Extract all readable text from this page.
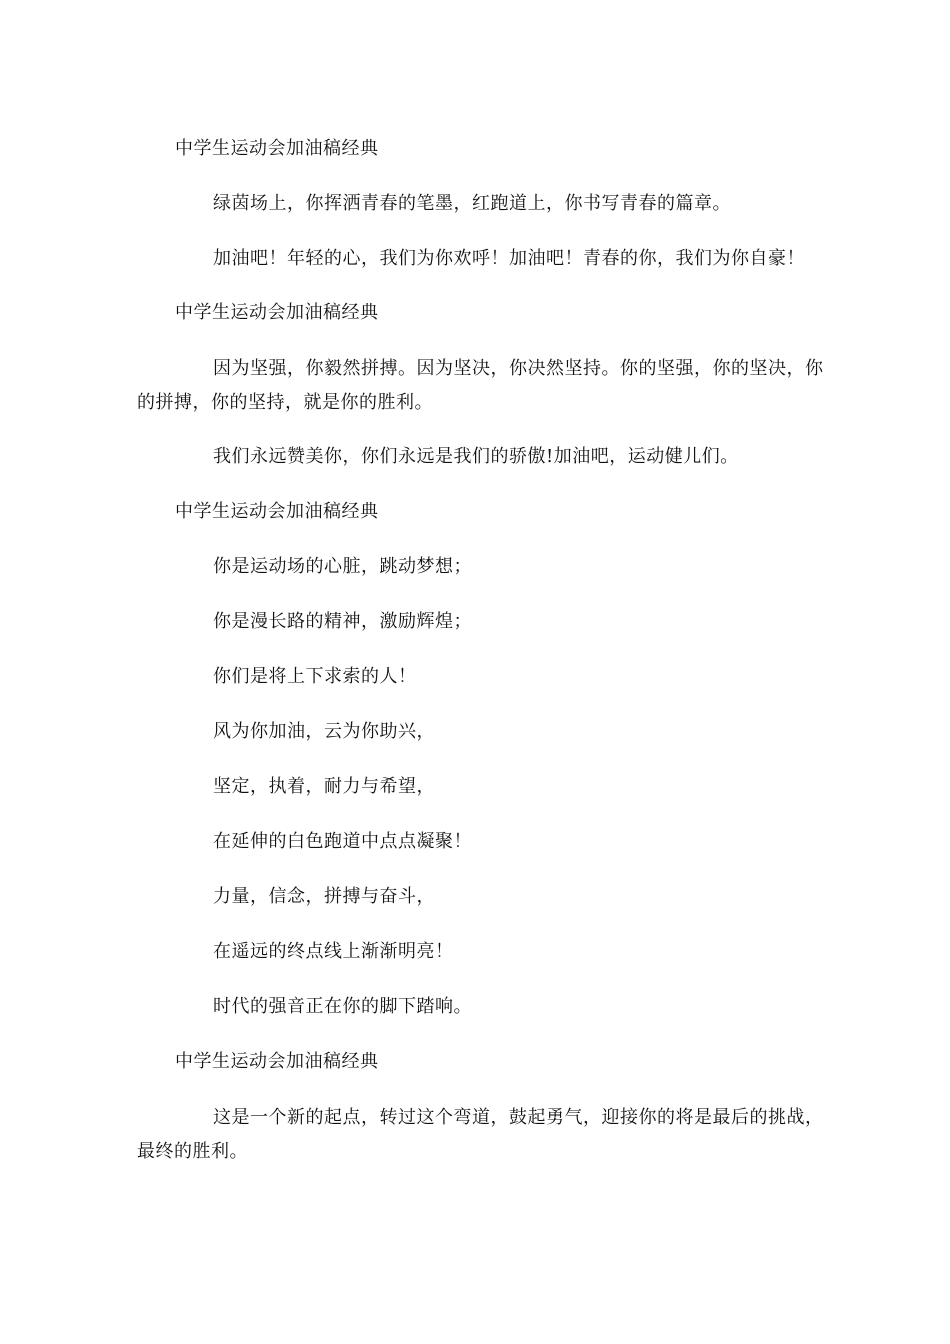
中学生运动会加油稿经典
绿茵场上，你挥洒青春的笔墨，红跑道上，你书写青春的篇章。
加油吧！年轻的心，我们为你欢呼！加油吧！青春的你，我们为你自豪！
中学生运动会加油稿经典
因为坚强，你毅然拼搏。因为坚决，你决然坚持。你的坚强，你的坚决，你的拼搏，你的坚持，就是你的胜利。
我们永远赞美你，你们永远是我们的骄傲!加油吧，运动健儿们。
中学生运动会加油稿经典
你是运动场的心脏，跳动梦想；
你是漫长路的精神，激励辉煌；
你们是将上下求索的人！
风为你加油，云为你助兴，
坚定，执着，耐力与希望，
在延伸的白色跑道中点点凝聚！
力量，信念，拼搏与奋斗，
在遥远的终点线上渐渐明亮！
时代的强音正在你的脚下踏响。
中学生运动会加油稿经典
这是一个新的起点，转过这个弯道，鼓起勇气，迎接你的将是最后的挑战，最终的胜利。
